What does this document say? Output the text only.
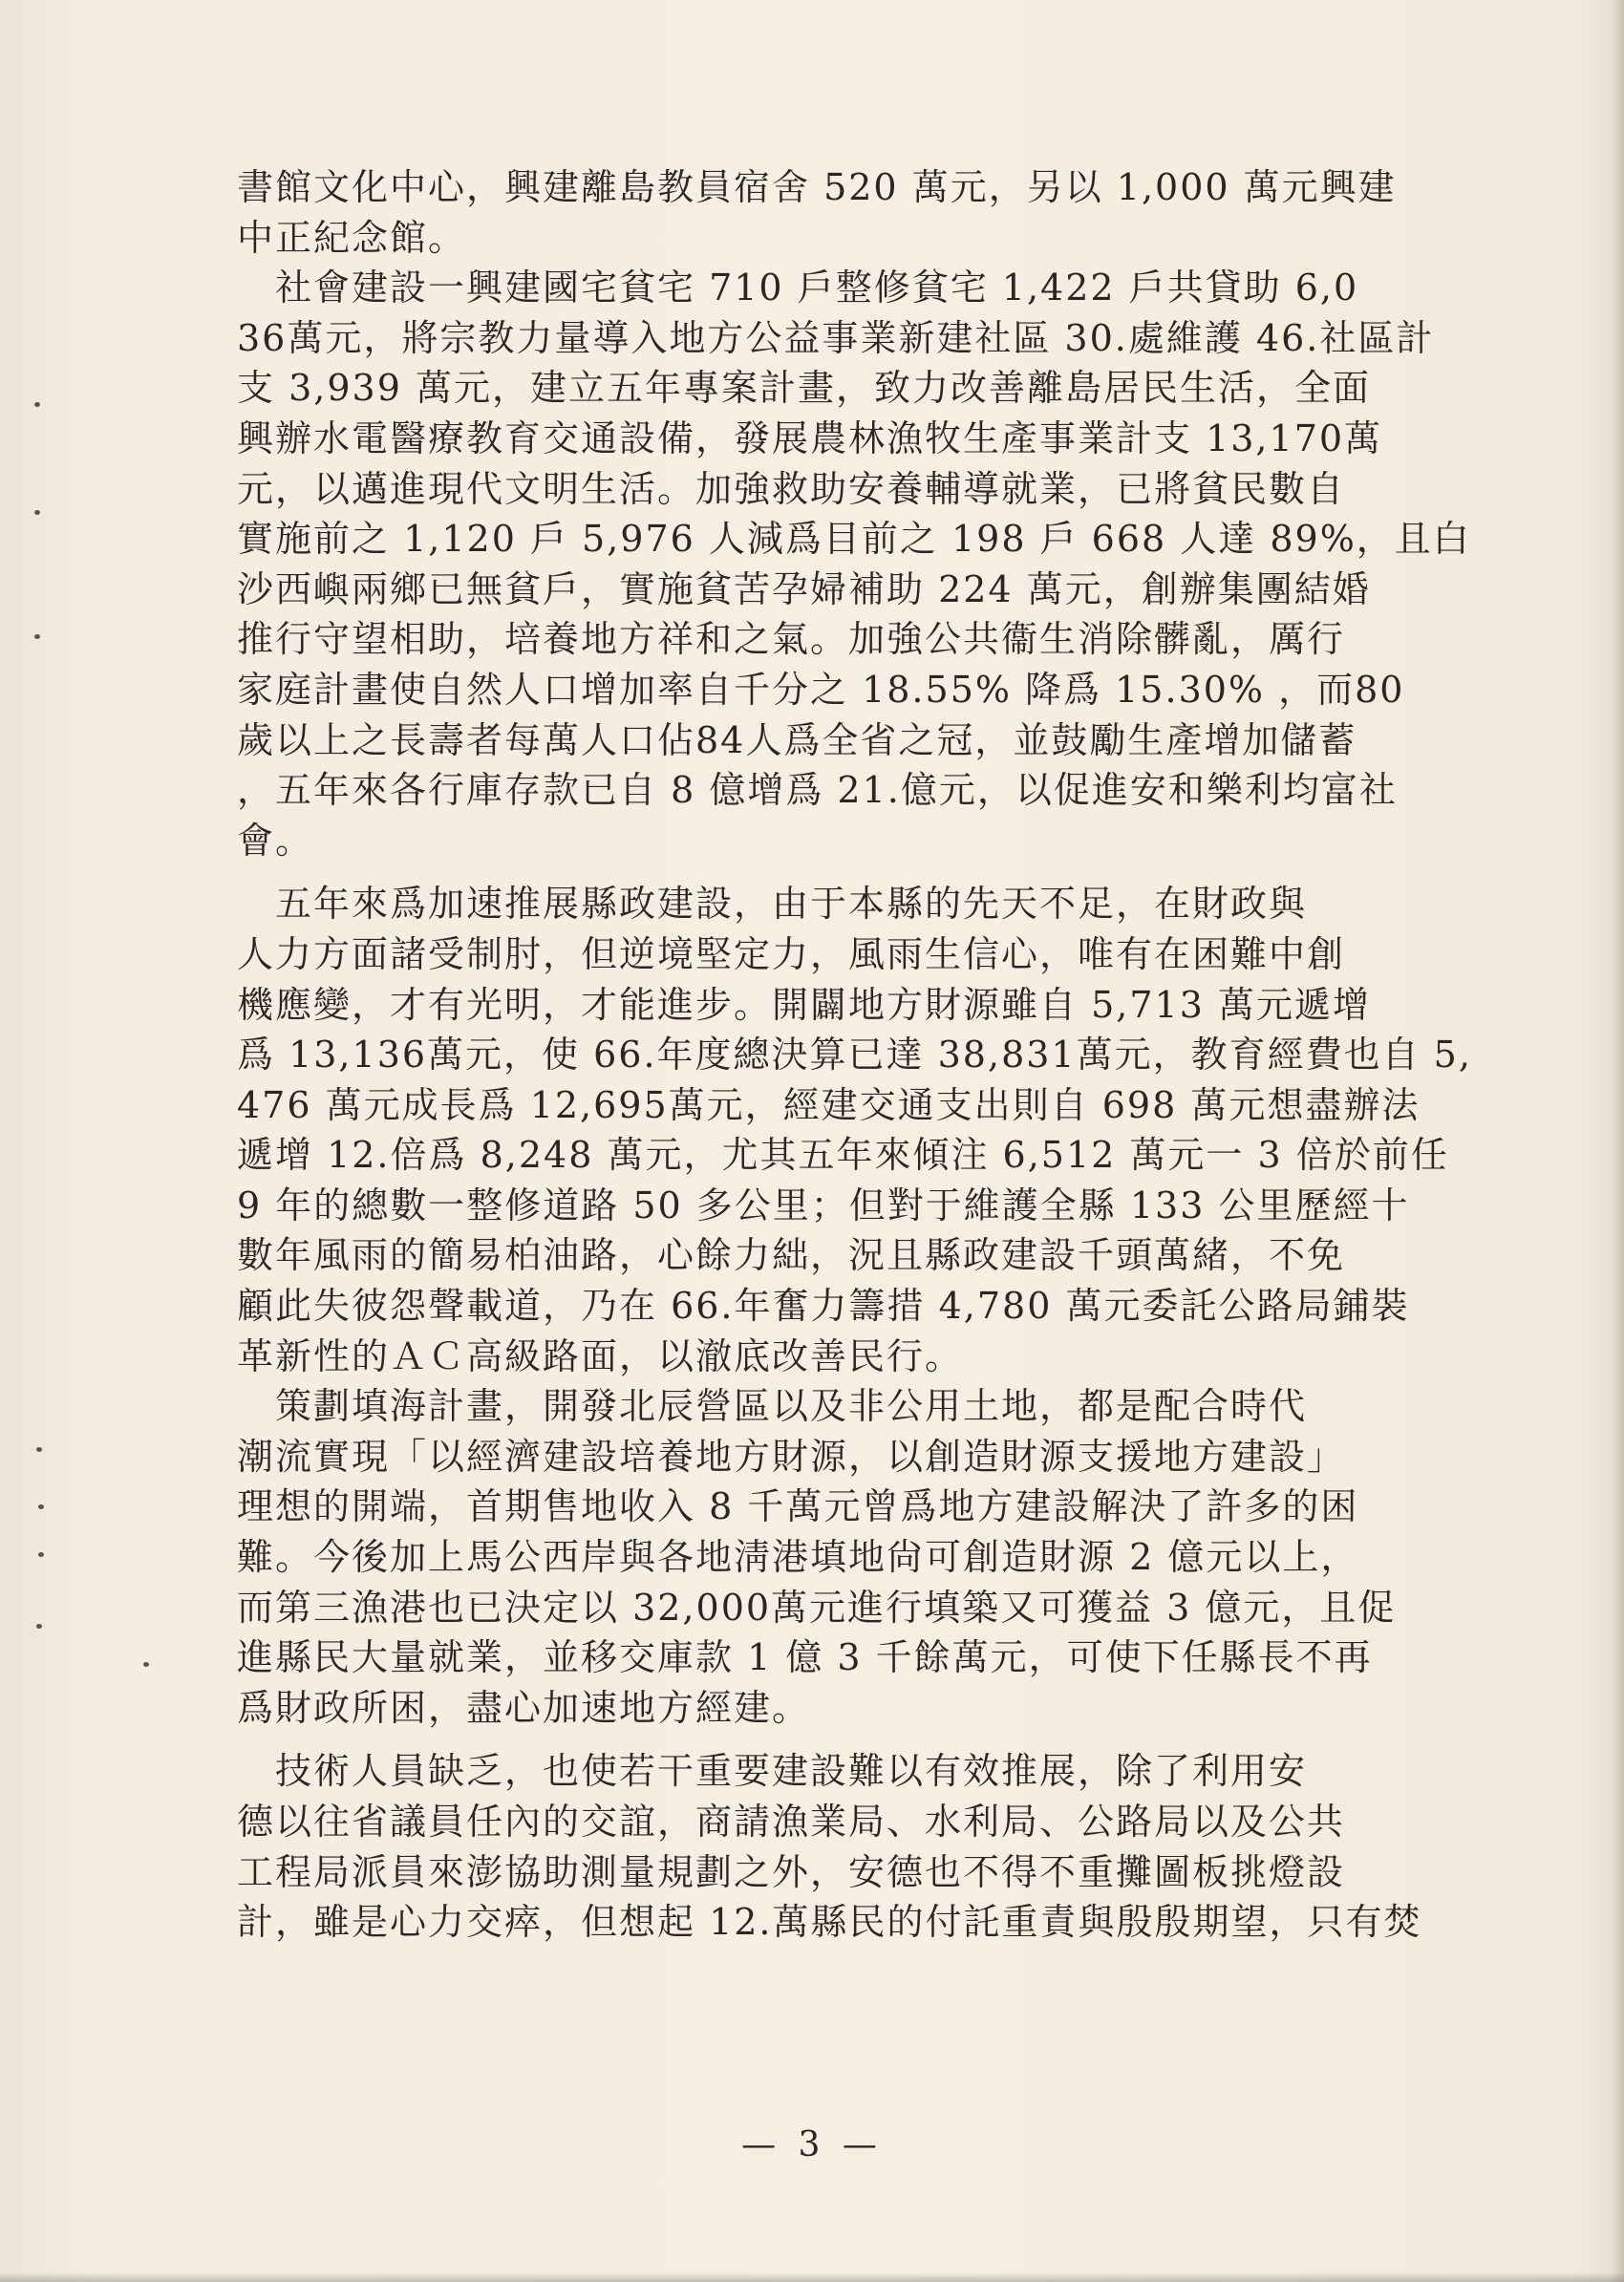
書館文化中心，興建離島教員宿舍 520 萬元，另以 1,000 萬元興建
中正紀念館。
　社會建設一興建國宅貧宅 710 戶整修貧宅 1,422 戶共貸助 6,0
36萬元，將宗教力量導入地方公益事業新建社區 30.處維護 46.社區計
支 3,939 萬元，建立五年專案計畫，致力改善離島居民生活，全面
興辦水電醫療教育交通設備，發展農林漁牧生產事業計支 13,170萬
元，以邁進現代文明生活。加強救助安養輔導就業，已將貧民數自
實施前之 1,120 戶 5,976 人減爲目前之 198 戶 668 人達 89%，且白
沙西嶼兩鄉已無貧戶，實施貧苦孕婦補助 224 萬元，創辦集團結婚
推行守望相助，培養地方祥和之氣。加強公共衞生消除髒亂，厲行
家庭計畫使自然人口增加率自千分之 18.55% 降爲 15.30% ，而80
歲以上之長壽者每萬人口佔84人爲全省之冠，並鼓勵生產增加儲蓄
，五年來各行庫存款已自 8 億增爲 21.億元，以促進安和樂利均富社
會。
　五年來爲加速推展縣政建設，由于本縣的先天不足，在財政與
人力方面諸受制肘，但逆境堅定力，風雨生信心，唯有在困難中創
機應變，才有光明，才能進步。開闢地方財源雖自 5,713 萬元遞增
爲 13,136萬元，使 66.年度總決算已達 38,831萬元，教育經費也自 5,
476 萬元成長爲 12,695萬元，經建交通支出則自 698 萬元想盡辦法
遞增 12.倍爲 8,248 萬元，尤其五年來傾注 6,512 萬元一 3 倍於前任
9 年的總數一整修道路 50 多公里；但對于維護全縣 133 公里歷經十
數年風雨的簡易柏油路，心餘力絀，況且縣政建設千頭萬緒，不免
顧此失彼怨聲載道，乃在 66.年奮力籌措 4,780 萬元委託公路局鋪裝
革新性的ＡＣ高級路面，以澈底改善民行。
　策劃填海計畫，開發北辰營區以及非公用土地，都是配合時代
潮流實現「以經濟建設培養地方財源，以創造財源支援地方建設」
理想的開端，首期售地收入 8 千萬元曾爲地方建設解決了許多的困
難。今後加上馬公西岸與各地淸港填地尙可創造財源 2 億元以上，
而第三漁港也已決定以 32,000萬元進行填築又可獲益 3 億元，且促
進縣民大量就業，並移交庫款 1 億 3 千餘萬元，可使下任縣長不再
爲財政所困，盡心加速地方經建。
　技術人員缺乏，也使若干重要建設難以有效推展，除了利用安
德以往省議員任內的交誼，商請漁業局、水利局、公路局以及公共
工程局派員來澎協助測量規劃之外，安德也不得不重攤圖板挑燈設
計，雖是心力交瘁，但想起 12.萬縣民的付託重責與殷殷期望，只有焚
— 3 —
